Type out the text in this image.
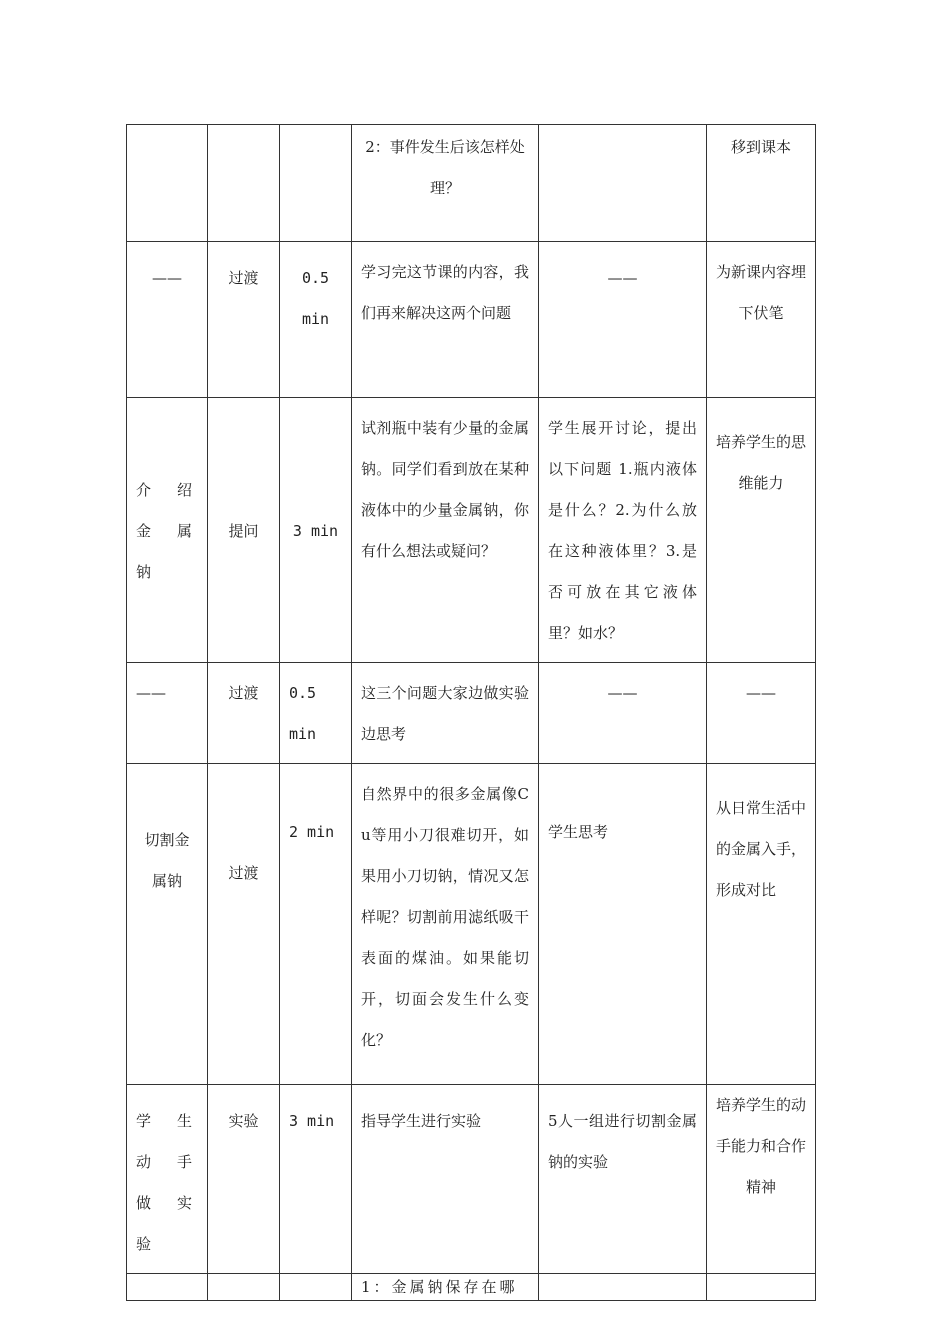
			2：事件发生后该怎样处理？		移到课本
——	过渡	0.5 min	学习完这节课的内容，我们再来解决这两个问题	——	为新课内容埋下伏笔
介绍金属钠	提问	3 min	试剂瓶中装有少量的金属钠。同学们看到放在某种液体中的少量金属钠，你有什么想法或疑问？	学生展开讨论，提出以下问题 1.瓶内液体是什么？2.为什么放在这种液体里？3.是否可放在其它液体里？如水？	培养学生的思维能力
——	过渡	0.5 min	这三个问题大家边做实验边思考	——	——
切割金属钠	过渡	2 min	自然界中的很多金属像Cu等用小刀很难切开，如果用小刀切钠，情况又怎样呢？切割前用滤纸吸干表面的煤油。如果能切开，切面会发生什么变化？	学生思考	从日常生活中的金属入手，形成对比
学生动手做实验	实验	3 min	指导学生进行实验	5人一组进行切割金属钠的实验	培养学生的动手能力和合作精神
			1：金属钠保存在哪		
